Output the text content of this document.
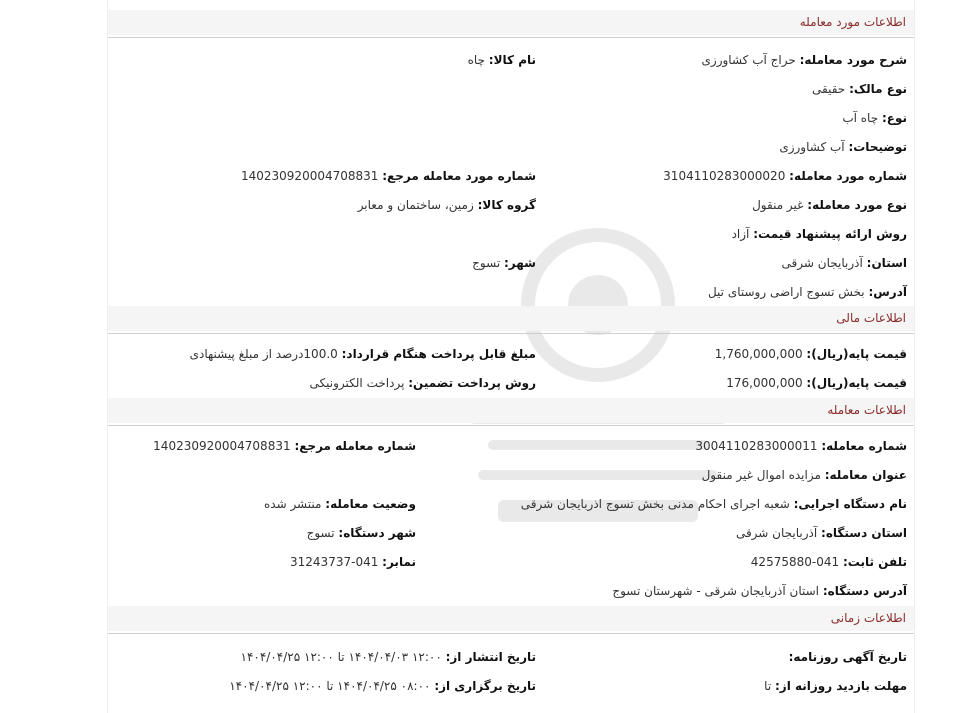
اطلاعات مورد معامله
شرح مورد معامله: حراج آب کشاورزی
نام کالا: چاه
نوع مالک: حقیقی
نوع: چاه آب
توضیحات: آب کشاورزی
شماره مورد معامله: 3104110283000020
شماره مورد معامله مرجع: 140230920004708831
نوع مورد معامله: غیر منقول
گروه کالا: زمین، ساختمان و معابر
روش ارائه پیشنهاد قیمت: آزاد
استان: آذربایجان شرقی
شهر: تسوج
آدرس: بخش تسوج اراضی روستای تیل
اطلاعات مالی
قیمت پایه(ریال): 1,760,000,000
مبلغ قابل پرداخت هنگام قرارداد: 100.0درصد از مبلغ پیشنهادی
قیمت پایه(ریال): 176,000,000
روش پرداخت تضمین: پرداخت الکترونیکی
اطلاعات معامله
شماره معامله: 3004110283000011
شماره معامله مرجع: 140230920004708831
عنوان معامله: مزایده اموال غیر منقول
نام دستگاه اجرایی: شعبه اجرای احکام مدنی بخش تسوج اذربایجان شرقی
وضعیت معامله: منتشر شده
استان دستگاه: آذربایجان شرقی
شهر دستگاه: تسوج
تلفن ثابت: 041-42575880
نمابر: 041-31243737
آدرس دستگاه: استان آذربایجان شرقی - شهرستان تسوج
اطلاعات زمانی
تاریخ آگهی روزنامه:
تاریخ انتشار از: ۱۲:۰۰ ۱۴۰۴/۰۴/۰۳ تا ۱۲:۰۰ ۱۴۰۴/۰۴/۲۵
مهلت بازدید روزانه از: تا
تاریخ برگزاری از: ۰۸:۰۰ ۱۴۰۴/۰۴/۲۵ تا ۱۲:۰۰ ۱۴۰۴/۰۴/۲۵
